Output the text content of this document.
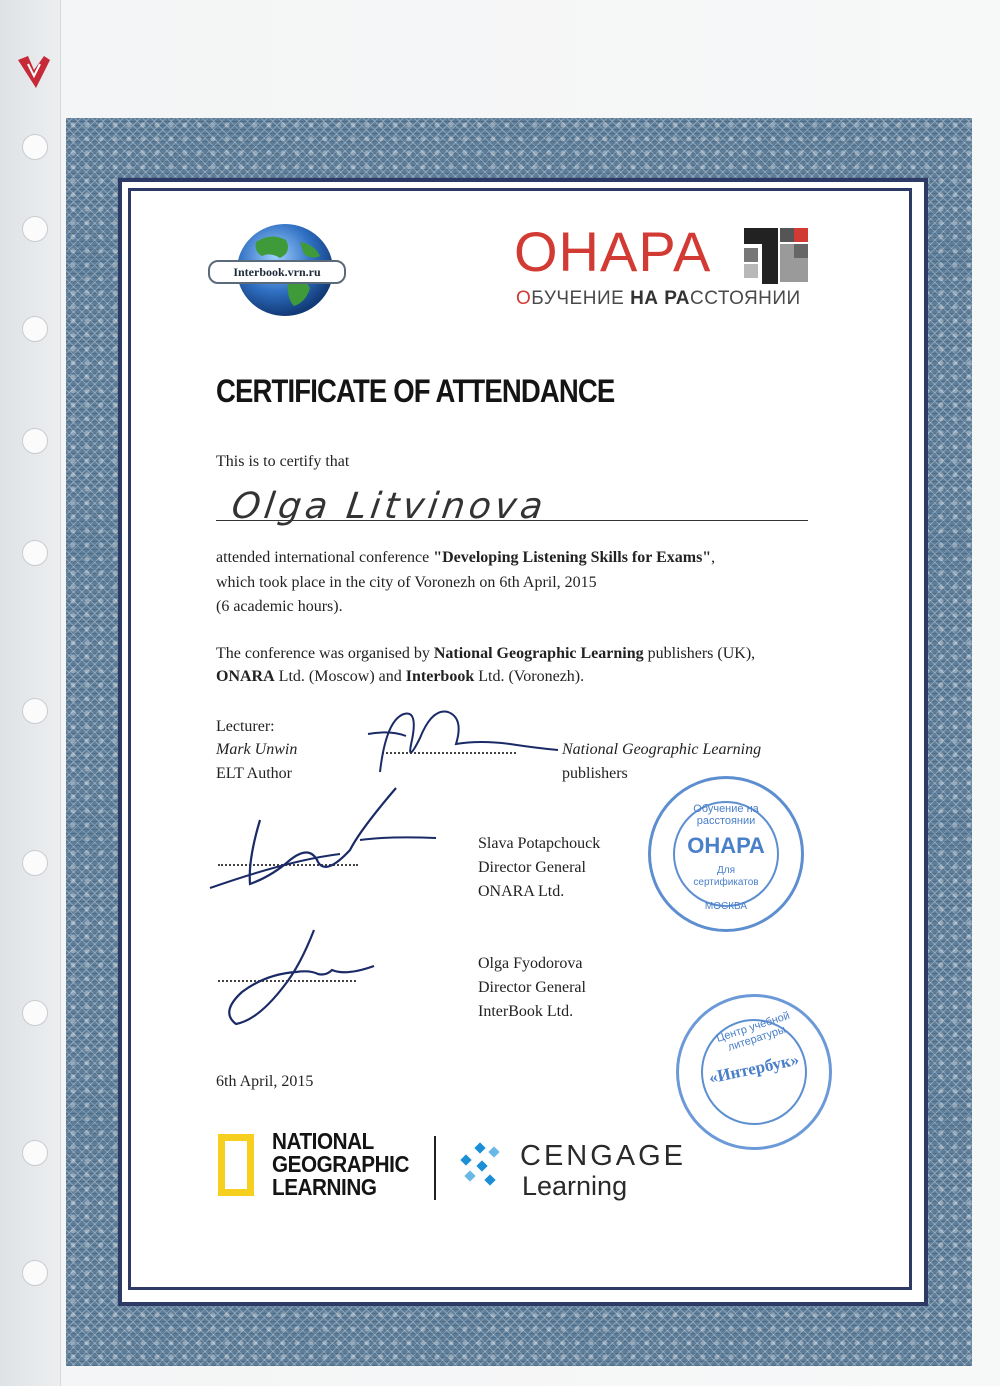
Interbook.vrn.ru	ОНАРА
ОБУЧЕНИЕ НА РАССТОЯНИИ
CERTIFICATE OF ATTENDANCE
This is to certify that
Olga Litvinova
attended international conference "Developing Listening Skills for Exams",
which took place in the city of Voronezh on 6th April, 2015
(6 academic hours).
The conference was organised by National Geographic Learning publishers (UK),
ONARA Ltd. (Moscow) and Interbook Ltd. (Voronezh).
Lecturer:
Mark Unwin
ELT Author
National Geographic Learning
publishers
Slava Potapchouck
Director General
ONARA Ltd.
ОНАРА
Обучение на расстоянии
Для
сертификатов
МОСКВА
Olga Fyodorova
Director General
InterBook Ltd.
«Интербук»
Центр учебной литературы
6th April, 2015
NATIONAL
GEOGRAPHIC
LEARNING
CENGAGE
Learning
